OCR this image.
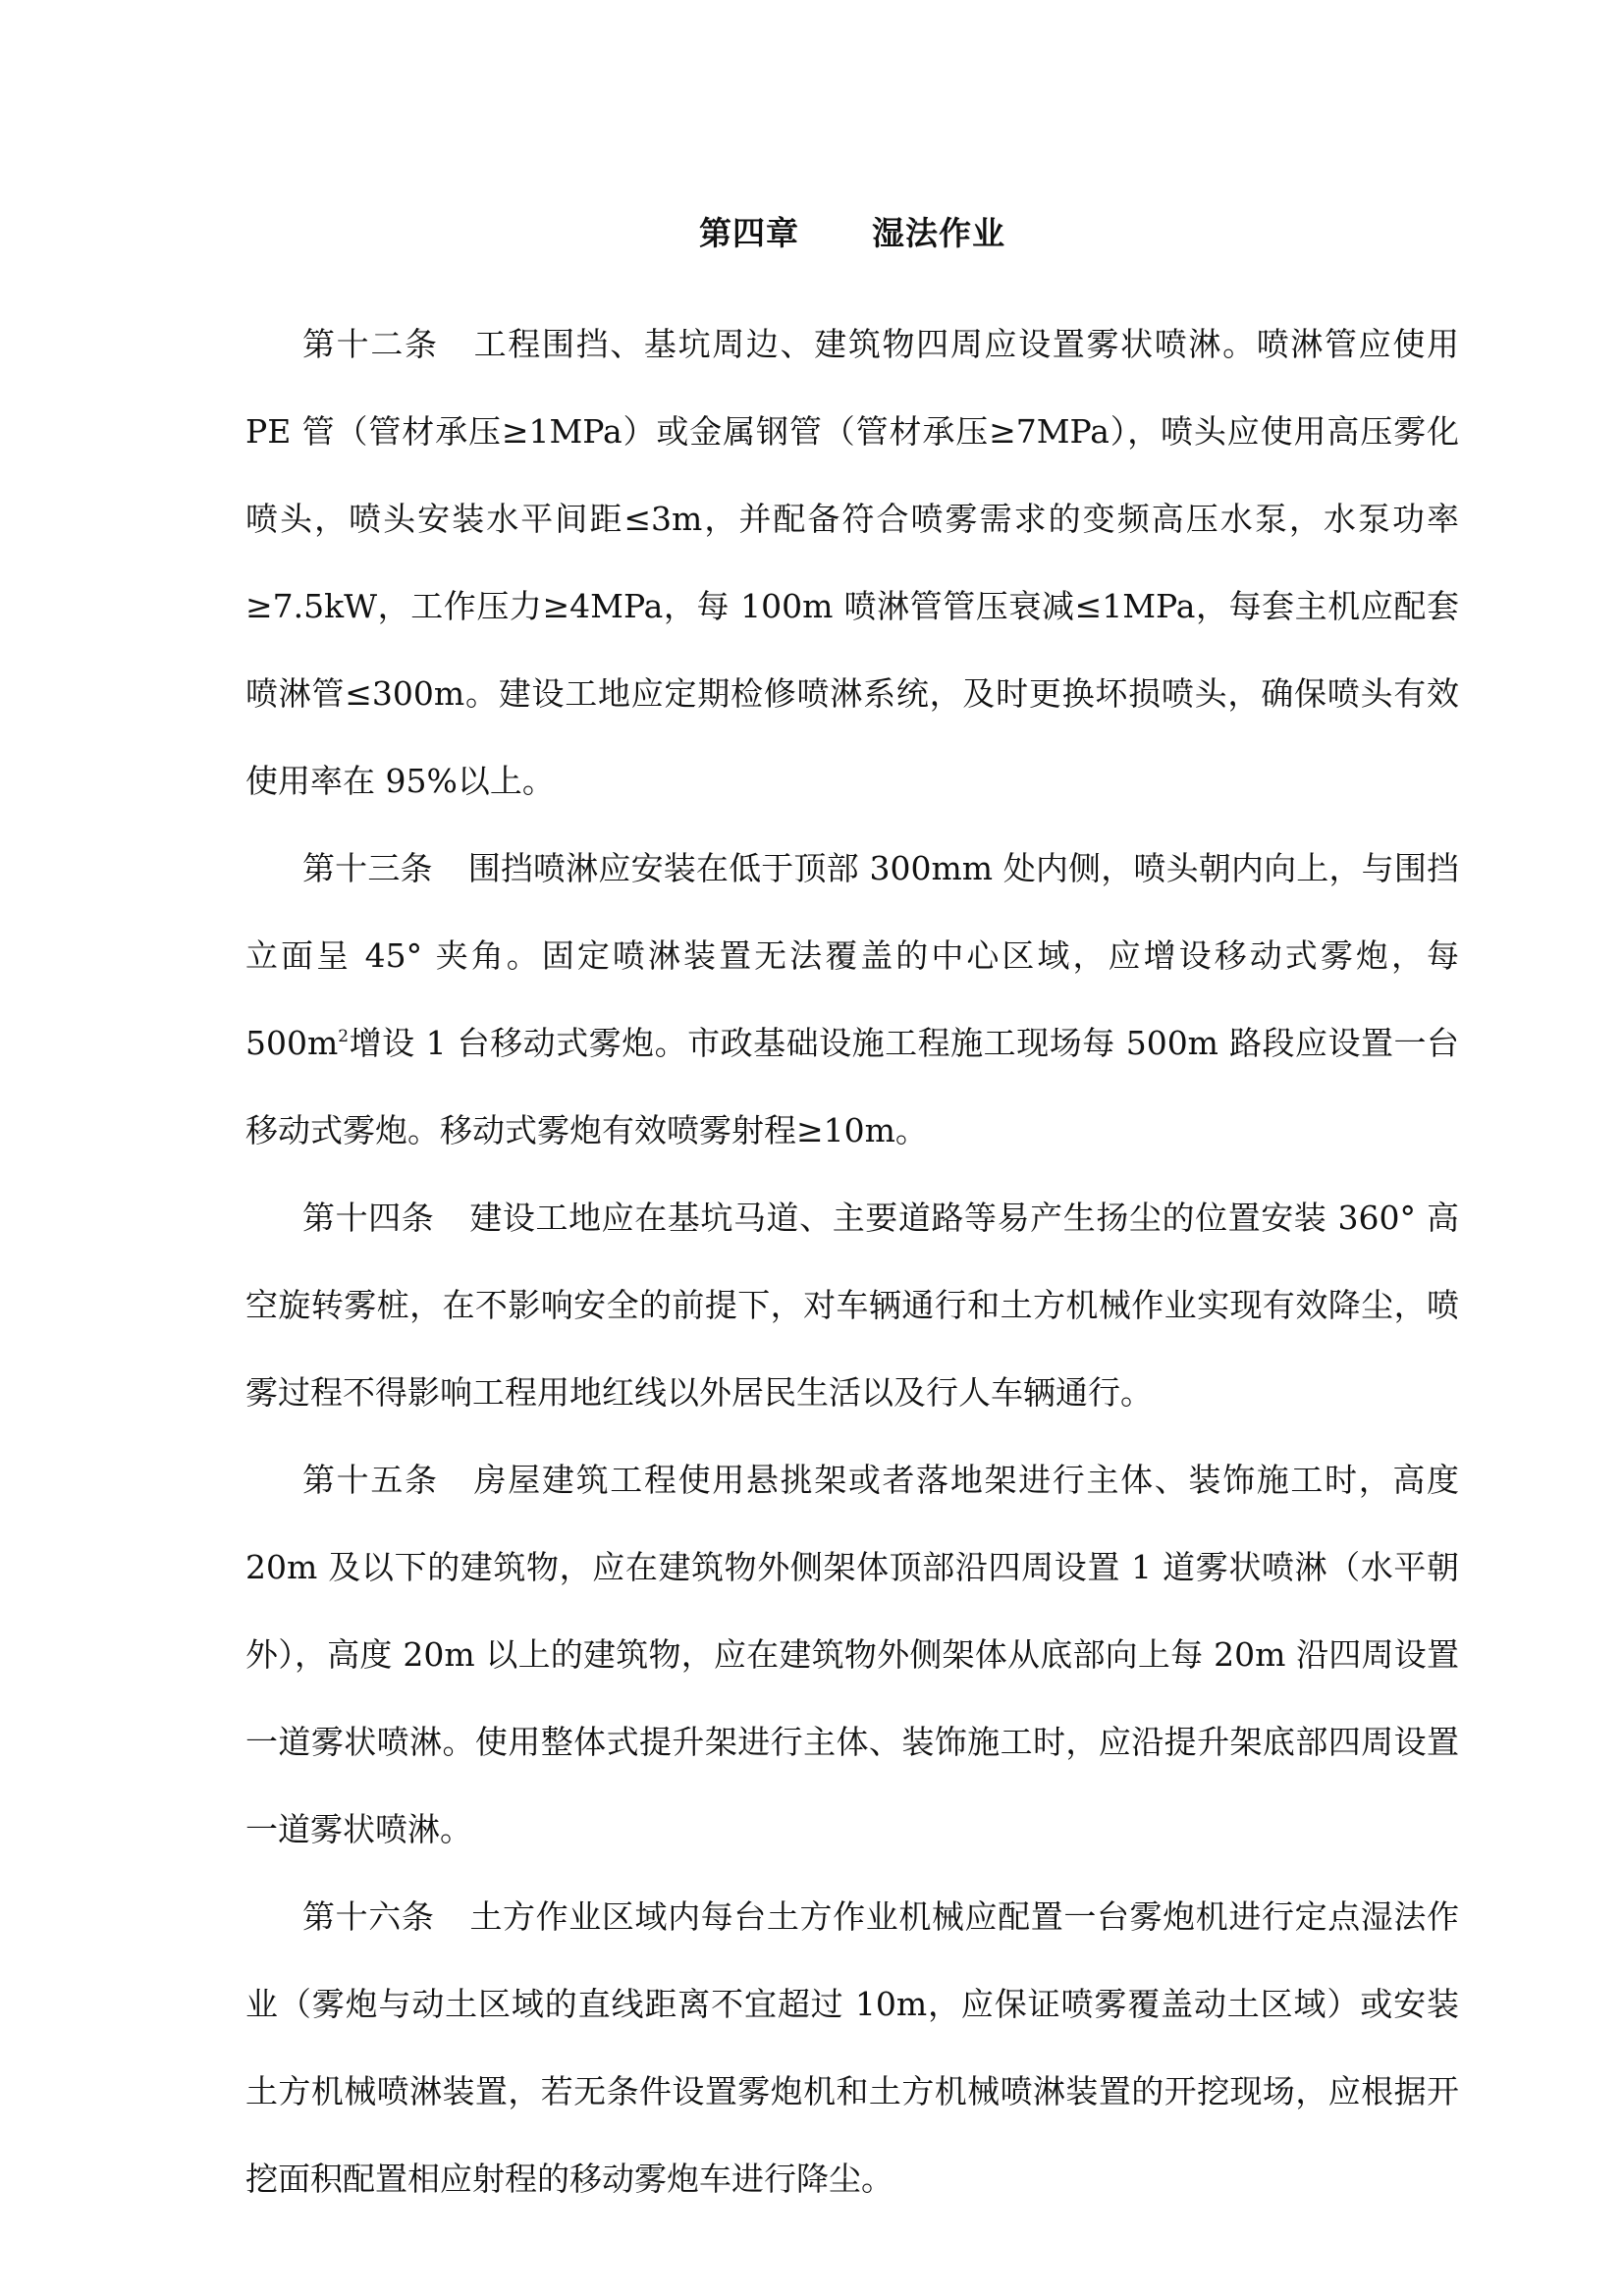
第四章 湿法作业

第十二条 工程围挡、基坑周边、建筑物四周应设置雾状喷淋。喷淋管应使用 PE 管（管材承压≥1MPa）或金属钢管（管材承压≥7MPa），喷头应使用高压雾化喷头，喷头安装水平间距≤3m，并配备符合喷雾需求的变频高压水泵，水泵功率≥7.5kW，工作压力≥4MPa，每 100m 喷淋管管压衰减≤1MPa，每套主机应配套喷淋管≤300m。建设工地应定期检修喷淋系统，及时更换坏损喷头，确保喷头有效使用率在 95%以上。

第十三条 围挡喷淋应安装在低于顶部 300mm 处内侧，喷头朝内向上，与围挡立面呈 45° 夹角。固定喷淋装置无法覆盖的中心区域，应增设移动式雾炮，每 $500m^2$增设 1 台移动式雾炮。市政基础设施工程施工现场每 500m 路段应设置一台移动式雾炮。移动式雾炮有效喷雾射程≥10m。

第十四条 建设工地应在基坑马道、主要道路等易产生扬尘的位置安装 360° 高空旋转雾桩，在不影响安全的前提下，对车辆通行和土方机械作业实现有效降尘，喷雾过程不得影响工程用地红线以外居民生活以及行人车辆通行。

第十五条 房屋建筑工程使用悬挑架或者落地架进行主体、装饰施工时，高度 20m 及以下的建筑物，应在建筑物外侧架体顶部沿四周设置 1 道雾状喷淋（水平朝外），高度 20m 以上的建筑物，应在建筑物外侧架体从底部向上每 20m 沿四周设置一道雾状喷淋。使用整体式提升架进行主体、装饰施工时，应沿提升架底部四周设置一道雾状喷淋。

第十六条 土方作业区域内每台土方作业机械应配置一台雾炮机进行定点湿法作业（雾炮与动土区域的直线距离不宜超过 10m，应保证喷雾覆盖动土区域）或安装土方机械喷淋装置，若无条件设置雾炮机和土方机械喷淋装置的开挖现场，应根据开挖面积配置相应射程的移动雾炮车进行降尘。
